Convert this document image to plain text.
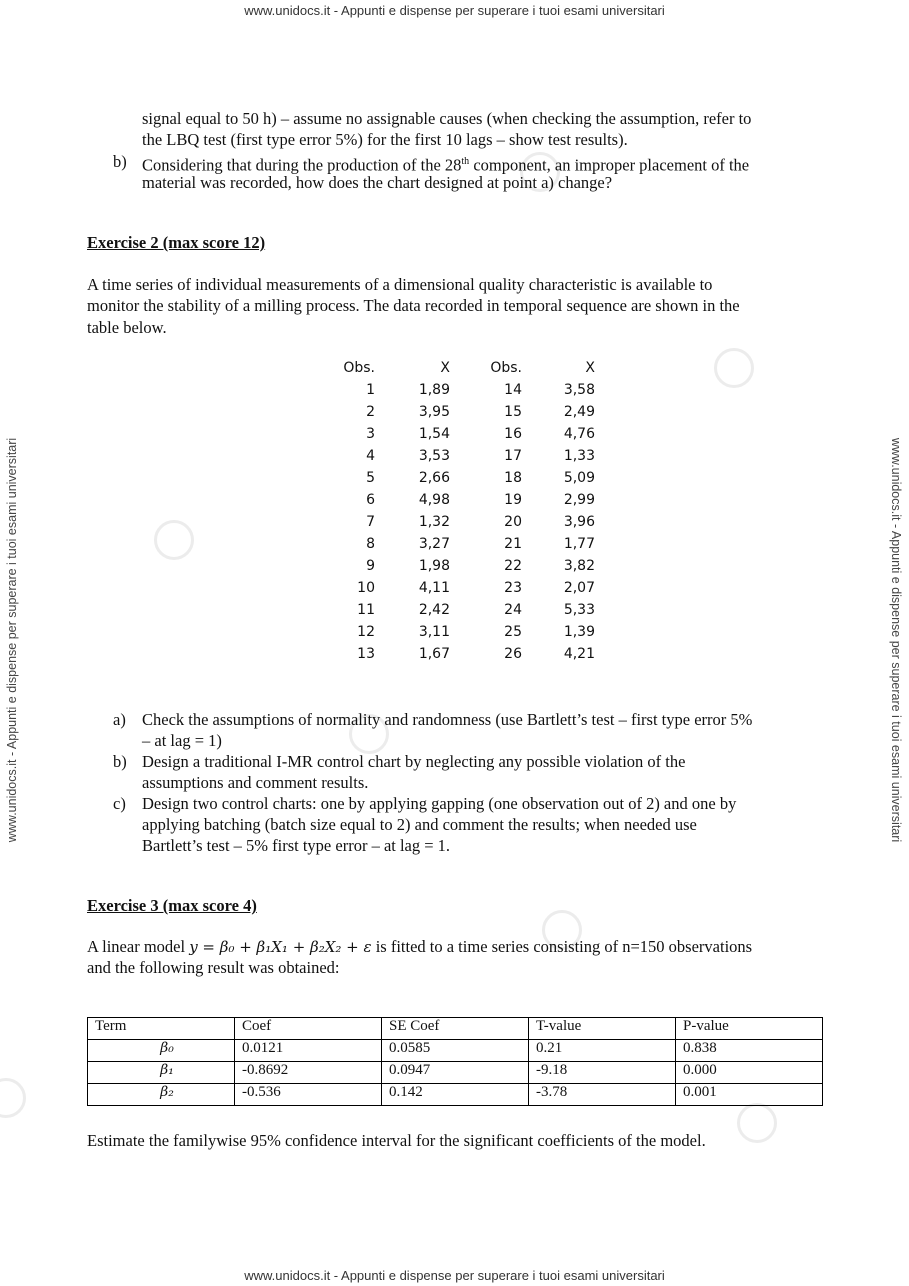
www.unidocs.it - Appunti e dispense per superare i tuoi esami universitari
www.unidocs.it - Appunti e dispense per superare i tuoi esami universitari
www.unidocs.it - Appunti e dispense per superare i tuoi esami universitari	www.unidocs.it - Appunti e dispense per superare i tuoi esami universitari
signal equal to 50 h) – assume no assignable causes (when checking the assumption, refer to
the LBQ test (first type error 5%) for the first 10 lags – show test results).
b) Considering that during the production of the 28th component, an improper placement of the
material was recorded, how does the chart designed at point a) change?
Exercise 2 (max score 12)
A time series of individual measurements of a dimensional quality characteristic is available to
monitor the stability of a milling process. The data recorded in temporal sequence are shown in the
table below.
Obs.	X	Obs.	X
1	1,89	14	3,58
2	3,95	15	2,49
3	1,54	16	4,76
4	3,53	17	1,33
5	2,66	18	5,09
6	4,98	19	2,99
7	1,32	20	3,96
8	3,27	21	1,77
9	1,98	22	3,82
10	4,11	23	2,07
11	2,42	24	5,33
12	3,11	25	1,39
13	1,67	26	4,21
a) Check the assumptions of normality and randomness (use Bartlett’s test – first type error 5%
– at lag = 1)
b) Design a traditional I-MR control chart by neglecting any possible violation of the
assumptions and comment results.
c) Design two control charts: one by applying gapping (one observation out of 2) and one by
applying batching (batch size equal to 2) and comment the results; when needed use
Bartlett’s test – 5% first type error – at lag = 1.
Exercise 3 (max score 4)
A linear model y = β₀ + β₁X₁ + β₂X₂ + ε is fitted to a time series consisting of n=150 observations
and the following result was obtained:
Term	Coef	SE Coef	T-value	P-value

β₀	0.0121	0.0585	0.21	0.838

β₁	-0.8692	0.0947	-9.18	0.000

β₂	-0.536	0.142	-3.78	0.001
Estimate the familywise 95% confidence interval for the significant coefficients of the model.
